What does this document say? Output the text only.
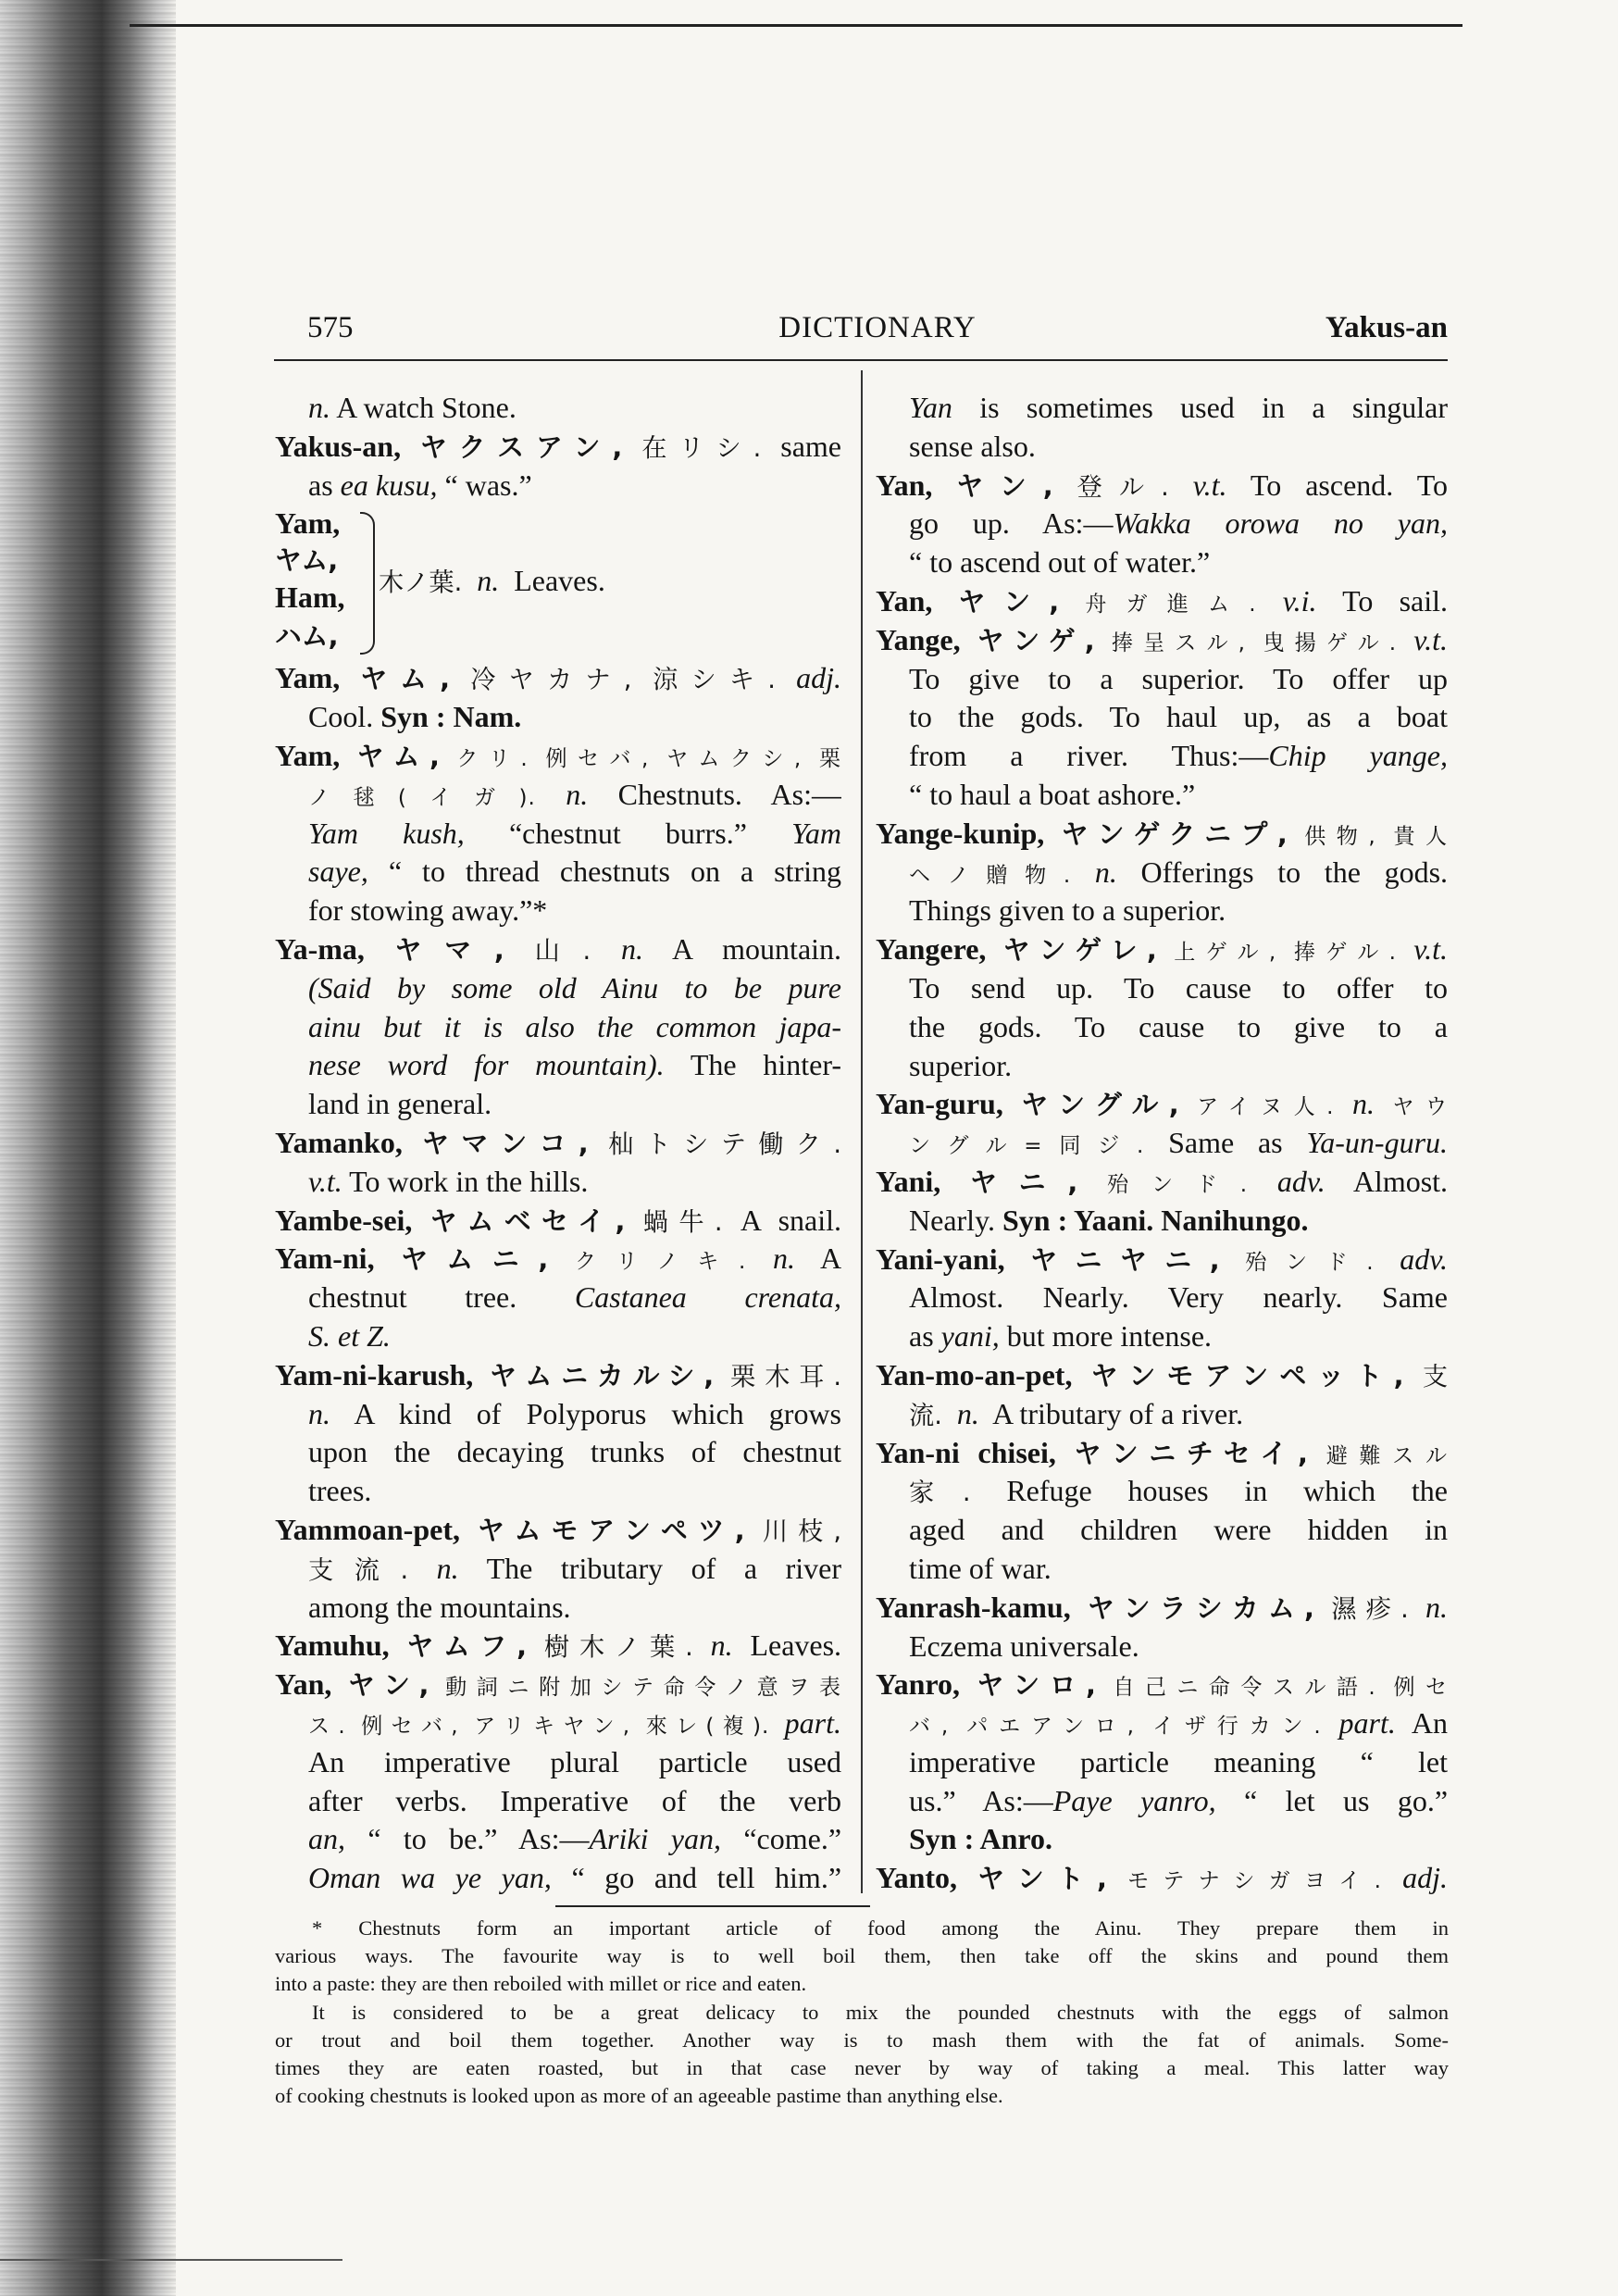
575	DICTIONARY	Yakus-an
n. A watch Stone.
Yakus-an, ヤクスアン, 在リシ. same
as ea kusu, “ was.”
Yam,
ヤム,
Ham,
ハム,
木ノ葉. n. Leaves.
Yam, ヤム, 冷ヤカナ, 涼シキ. adj.
Cool. Syn : Nam.
Yam, ヤム, クリ. 例セバ, ヤムクシ, 栗
ノ毬(イガ). n. Chestnuts. As:—
Yam kush, “chestnut burrs.” Yam
saye, “ to thread chestnuts on a string
for stowing away.”*
Ya-ma, ヤマ, 山. n. A mountain.
(Said by some old Ainu to be pure
ainu but it is also the common japa-
nese word for mountain). The hinter-
land in general.
Yamanko, ヤマンコ, 杣トシテ働ク.
v.t. To work in the hills.
Yambe-sei, ヤムベセイ, 蝸牛. A snail.
Yam-ni, ヤムニ, クリノキ. n. A
chestnut tree. Castanea crenata,
S. et Z.
Yam-ni-karush, ヤムニカルシ, 栗木耳.
n. A kind of Polyporus which grows
upon the decaying trunks of chestnut
trees.
Yammoan-pet, ヤムモアンペツ, 川枝,
支流. n. The tributary of a river
among the mountains.
Yamuhu, ヤムフ, 樹木ノ葉. n. Leaves.
Yan, ヤン, 動詞ニ附加シテ命令ノ意ヲ表
ス. 例セバ, アリキヤン, 來レ(複). part.
An imperative plural particle used
after verbs. Imperative of the verb
an, “ to be.” As:—Ariki yan, “come.”
Oman wa ye yan, “ go and tell him.”
Yan is sometimes used in a singular
sense also.
Yan, ヤン, 登ル. v.t. To ascend. To
go up. As:—Wakka orowa no yan,
“ to ascend out of water.”
Yan, ヤン, 舟ガ進ム. v.i. To sail.
Yange, ヤンゲ, 捧呈スル, 曳揚ゲル. v.t.
To give to a superior. To offer up
to the gods. To haul up, as a boat
from a river. Thus:—Chip yange,
“ to haul a boat ashore.”
Yange-kunip, ヤンゲクニプ, 供物, 貴人
ヘノ贈物. n. Offerings to the gods.
Things given to a superior.
Yangere, ヤンゲレ, 上ゲル, 捧ゲル. v.t.
To send up. To cause to offer to
the gods. To cause to give to a
superior.
Yan-guru, ヤングル, アイヌ人. n. ヤウ
ングル=同ジ. Same as Ya-un-guru.
Yani, ヤニ, 殆ンド. adv. Almost.
Nearly. Syn : Yaani. Nanihungo.
Yani-yani, ヤニヤニ, 殆ンド. adv.
Almost. Nearly. Very nearly. Same
as yani, but more intense.
Yan-mo-an-pet, ヤンモアンペット, 支
流. n. A tributary of a river.
Yan-ni chisei, ヤンニチセイ, 避難スル
家. Refuge houses in which the
aged and children were hidden in
time of war.
Yanrash-kamu, ヤンラシカム, 濕疹. n.
Eczema universale.
Yanro, ヤンロ, 自己ニ命令スル語. 例セ
バ, パエアンロ, イザ行カン. part. An
imperative particle meaning “ let
us.” As:—Paye yanro, “ let us go.”
Syn : Anro.
Yanto, ヤント, モテナシガヨイ. adj.
* Chestnuts form an important article of food among the Ainu. They prepare them in
various ways. The favourite way is to well boil them, then take off the skins and pound them
into a paste: they are then reboiled with millet or rice and eaten.
It is considered to be a great delicacy to mix the pounded chestnuts with the eggs of salmon
or trout and boil them together. Another way is to mash them with the fat of animals. Some-
times they are eaten roasted, but in that case never by way of taking a meal. This latter way
of cooking chestnuts is looked upon as more of an ageeable pastime than anything else.
